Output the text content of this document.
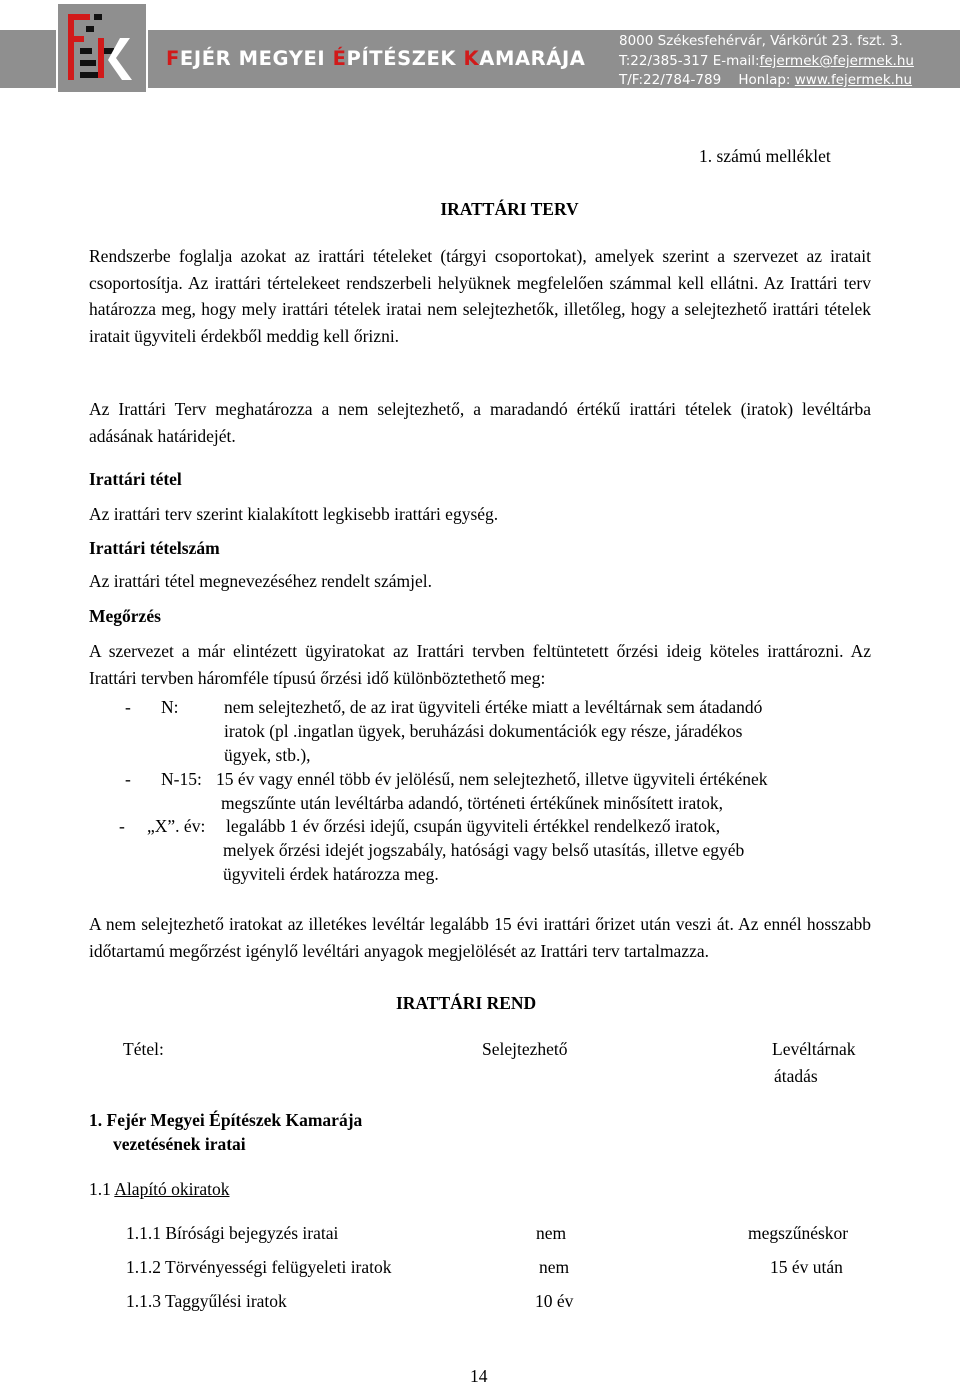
FEJÉR MEGYEI ÉPÍTÉSZEK KAMARÁJA
8000 Székesfehérvár, Várkörút 23. fszt. 3.
T:22/385-317 E-mail:fejermek@fejermek.hu
T/F:22/784-789    Honlap: www.fejermek.hu
1. számú melléklet
IRATTÁRI TERV
Rendszerbe foglalja azokat az irattári tételeket (tárgyi csoportokat), amelyek szerint a szervezet az iratait csoportosítja. Az irattári tértelekeet rendszerbeli helyüknek megfelelően számmal kell ellátni. Az Irattári terv határozza meg, hogy mely irattári tételek iratai nem selejtezhetők, illetőleg, hogy a selejtezhető irattári tételek iratait ügyviteli érdekből meddig kell őrizni.
Az Irattári Terv meghatározza a nem selejtezhető, a maradandó értékű irattári tételek (iratok) levéltárba adásának határidejét.
Irattári tétel
Az irattári terv szerint kialakított legkisebb irattári egység.
Irattári tételszám
Az irattári tétel megnevezéséhez rendelt számjel.
Megőrzés
A szervezet a már elintézett ügyiratokat az Irattári tervben feltüntetett őrzési ideig köteles irattározni. Az Irattári tervben háromféle típusú őrzési idő különböztethető meg:
- N:	nem selejtezhető, de az irat ügyviteli értéke miatt a levéltárnak sem átadandó
iratok (pl .ingatlan ügyek, beruházási dokumentációk egy része, járadékos
ügyek, stb.),
- N-15: 15 év vagy ennél több év jelölésű, nem selejtezhető, illetve ügyviteli értékének
megszűnte után levéltárba adandó, történeti értékűnek minősített iratok,
- „X”. év: legalább 1 év őrzési idejű, csupán ügyviteli értékkel rendelkező iratok,
melyek őrzési idejét jogszabály, hatósági vagy belső utasítás, illetve egyéb
ügyviteli érdek határozza meg.
A nem selejtezhető iratokat az illetékes levéltár legalább 15 évi irattári őrizet után veszi át. Az ennél hosszabb időtartamú megőrzést igénylő levéltári anyagok megjelölését az Irattári terv tartalmazza.
IRATTÁRI REND
Tétel:	Selejtezhető	Levéltárnak
átadás
1. Fejér Megyei Építészek Kamarája
vezetésének iratai
1.1 Alapító okiratok
1.1.1 Bírósági bejegyzés iratai	nem	megszűnéskor
1.1.2 Törvényességi felügyeleti iratok	nem	15 év után
1.1.3 Taggyűlési iratok	10 év
14
